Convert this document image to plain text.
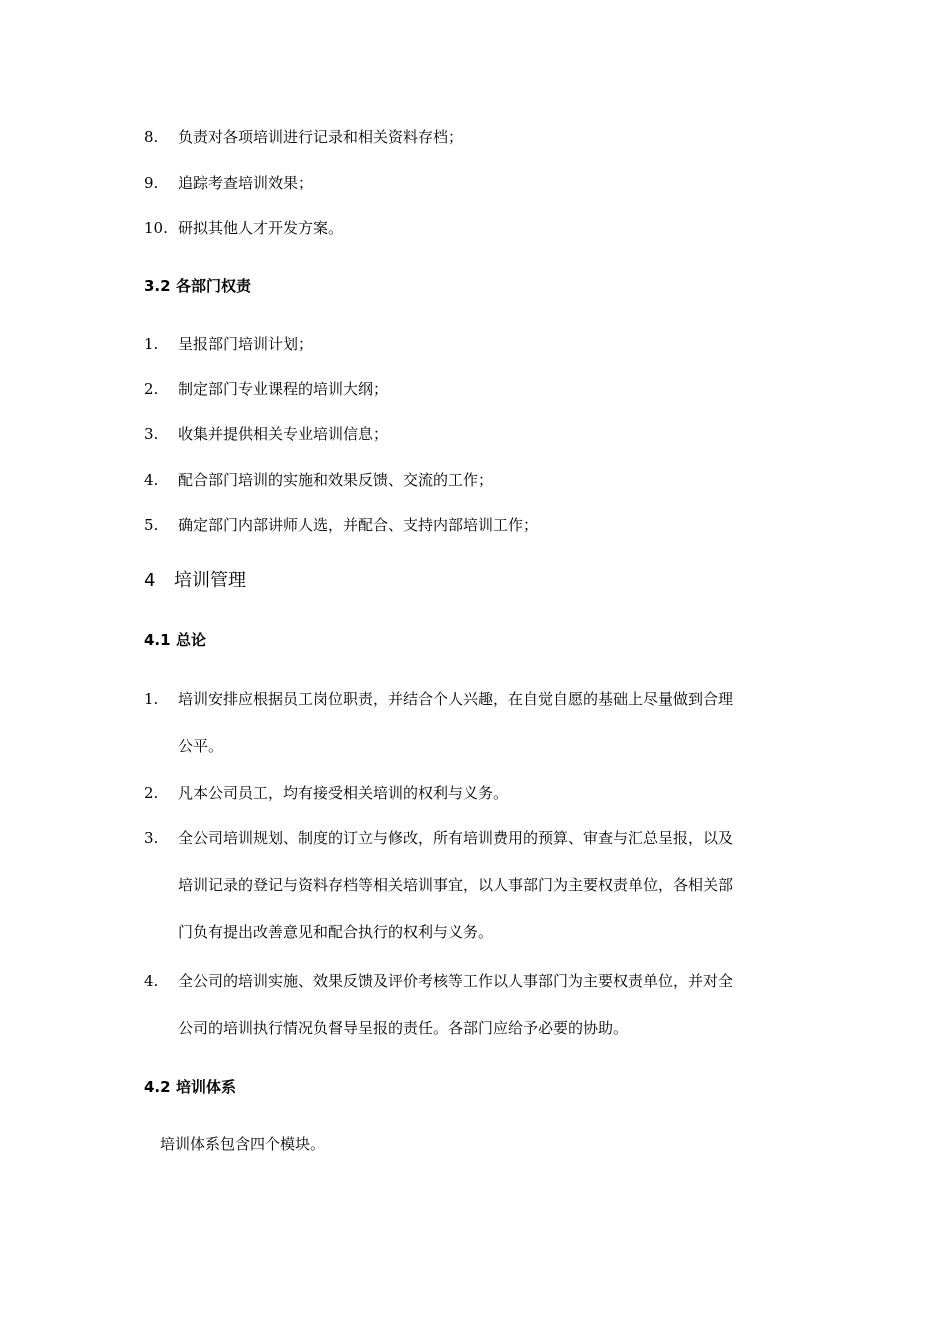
8. 负责对各项培训进行记录和相关资料存档；
9. 追踪考查培训效果；
10. 研拟其他人才开发方案。
3.2 各部门权责
1. 呈报部门培训计划；
2. 制定部门专业课程的培训大纲；
3. 收集并提供相关专业培训信息；
4. 配合部门培训的实施和效果反馈、交流的工作；
5. 确定部门内部讲师人选，并配合、支持内部培训工作；
4 培训管理
4.1 总论
1. 培训安排应根据员工岗位职责，并结合个人兴趣，在自觉自愿的基础上尽量做到合理
公平。
2. 凡本公司员工，均有接受相关培训的权利与义务。
3. 全公司培训规划、制度的订立与修改，所有培训费用的预算、审查与汇总呈报，以及
培训记录的登记与资料存档等相关培训事宜，以人事部门为主要权责单位，各相关部
门负有提出改善意见和配合执行的权利与义务。
4. 全公司的培训实施、效果反馈及评价考核等工作以人事部门为主要权责单位，并对全
公司的培训执行情况负督导呈报的责任。各部门应给予必要的协助。
4.2 培训体系
培训体系包含四个模块。
